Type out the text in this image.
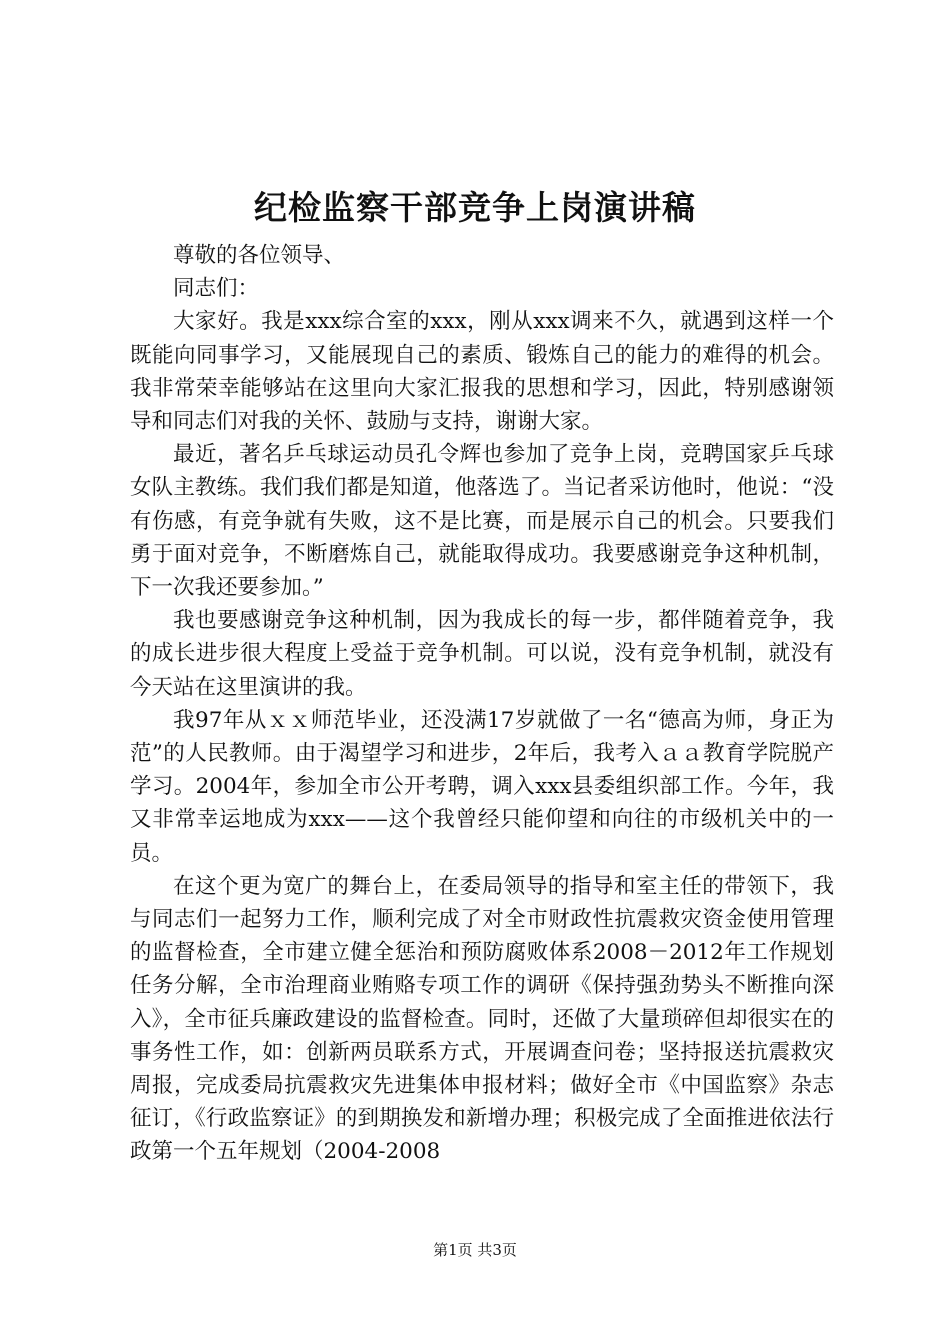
纪检监察干部竞争上岗演讲稿

尊敬的各位领导、

同志们：

大家好。我是xxx综合室的xxx，刚从xxx调来不久，就遇到这样一个既能向同事学习，又能展现自己的素质、锻炼自己的能力的难得的机会。我非常荣幸能够站在这里向大家汇报我的思想和学习，因此，特别感谢领导和同志们对我的关怀、鼓励与支持，谢谢大家。

最近，著名乒乓球运动员孔令辉也参加了竞争上岗，竞聘国家乒乓球女队主教练。我们我们都是知道，他落选了。当记者采访他时，他说：“没有伤感，有竞争就有失败，这不是比赛，而是展示自己的机会。只要我们勇于面对竞争，不断磨炼自己，就能取得成功。我要感谢竞争这种机制，下一次我还要参加。”

我也要感谢竞争这种机制，因为我成长的每一步，都伴随着竞争，我的成长进步很大程度上受益于竞争机制。可以说，没有竞争机制，就没有今天站在这里演讲的我。

我97年从ｘｘ师范毕业，还没满17岁就做了一名“德高为师，身正为范”的人民教师。由于渴望学习和进步，2年后，我考入ａａ教育学院脱产学习。2004年，参加全市公开考聘，调入xxx县委组织部工作。今年，我又非常幸运地成为xxx——这个我曾经只能仰望和向往的市级机关中的一员。

在这个更为宽广的舞台上，在委局领导的指导和室主任的带领下，我与同志们一起努力工作，顺利完成了对全市财政性抗震救灾资金使用管理的监督检查，全市建立健全惩治和预防腐败体系2008－2012年工作规划任务分解，全市治理商业贿赂专项工作的调研《保持强劲势头不断推向深入》，全市征兵廉政建设的监督检查。同时，还做了大量琐碎但却很实在的事务性工作，如：创新两员联系方式，开展调查问卷；坚持报送抗震救灾周报，完成委局抗震救灾先进集体申报材料；做好全市《中国监察》杂志征订，《行政监察证》的到期换发和新增办理；积极完成了全面推进依法行政第一个五年规划（2004-2008

第1页 共3页
